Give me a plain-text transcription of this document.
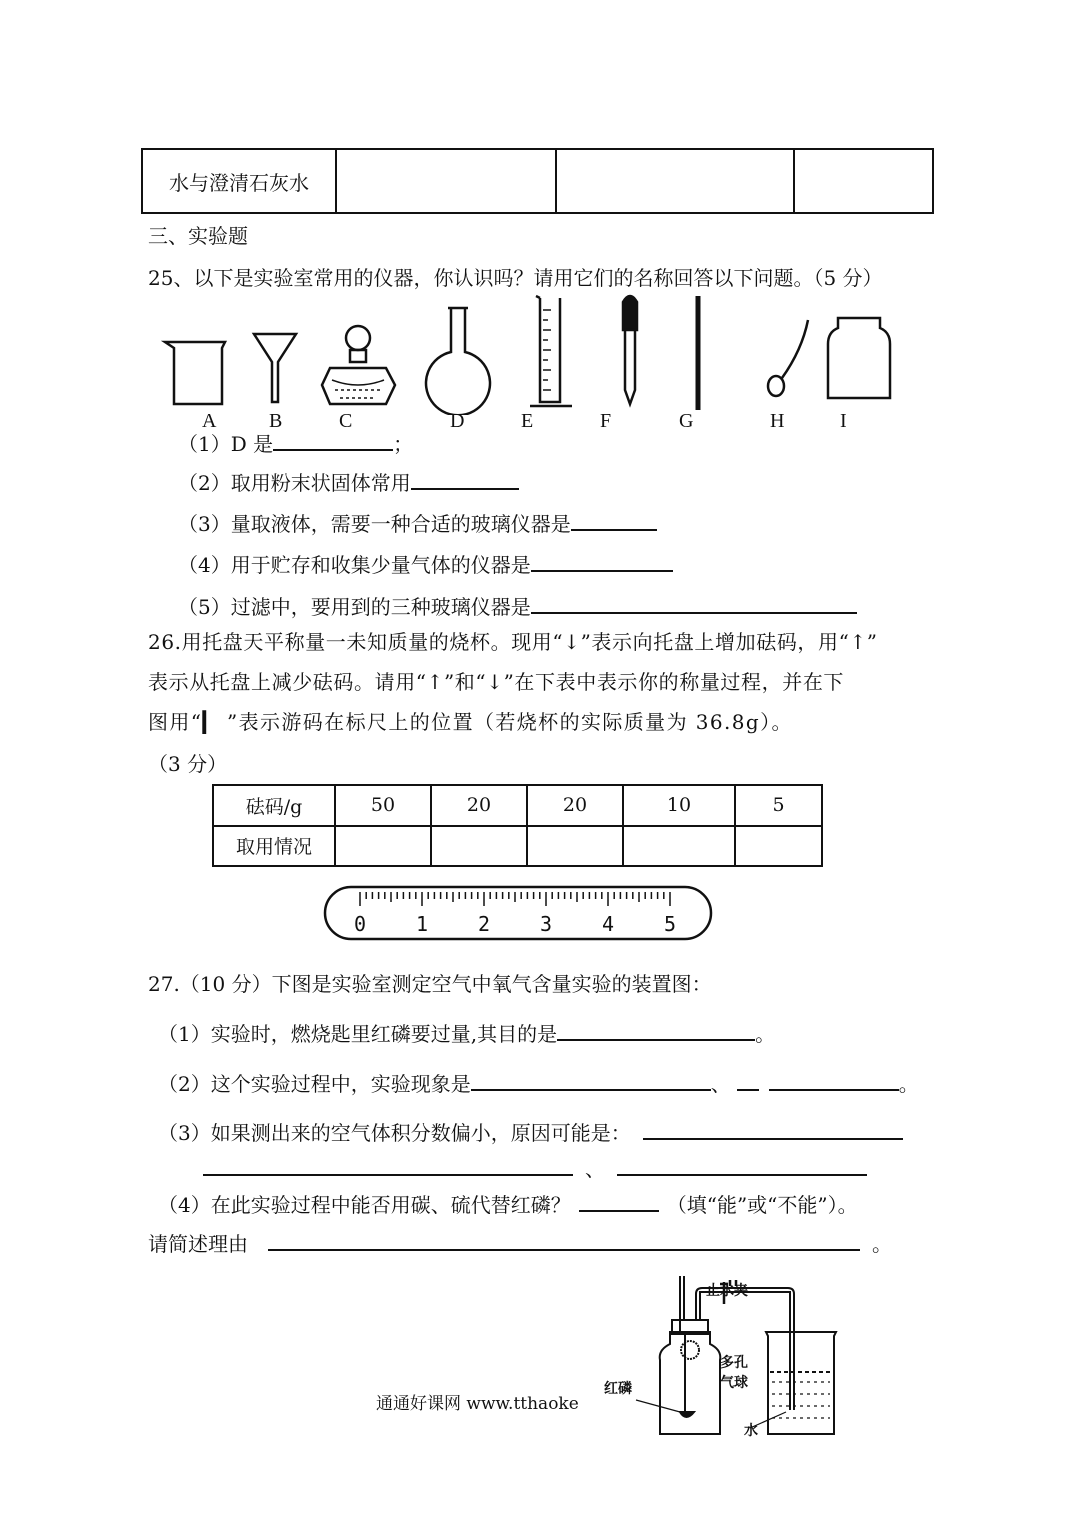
水与澄清石灰水			
三、实验题
25、以下是实验室常用的仪器，你认识吗？请用它们的名称回答以下问题。（5 分）
A	B	C	D	E	F	G	H	I
（1）D 是	；
（2）取用粉末状固体常用
（3）量取液体，需要一种合适的玻璃仪器是
（4）用于贮存和收集少量气体的仪器是
（5）过滤中，要用到的三种玻璃仪器是
26.用托盘天平称量一未知质量的烧杯。现用“↓”表示向托盘上增加砝码，用“↑”
表示从托盘上减少砝码。请用“↑”和“↓”在下表中表示你的称量过程，并在下
图用“▎ ”表示游码在标尺上的位置（若烧杯的实际质量为 36.8g）。
（3 分）
砝码/g	50	20	20	10	5
取用情况					
0 1 2 3 4 5
27.（10 分）下图是实验室测定空气中氧气含量实验的装置图：
（1）实验时，燃烧匙里红磷要过量,其目的是	。
（2）这个实验过程中，实验现象是	、	。
（3）如果测出来的空气体积分数偏小，原因可能是：
、
（4）在此实验过程中能否用碳、硫代替红磷？	（填“能”或“不能”）。
请简述理由	。
止水夹
多孔
气球
红磷
水
通通好课网 www.tthaoke
